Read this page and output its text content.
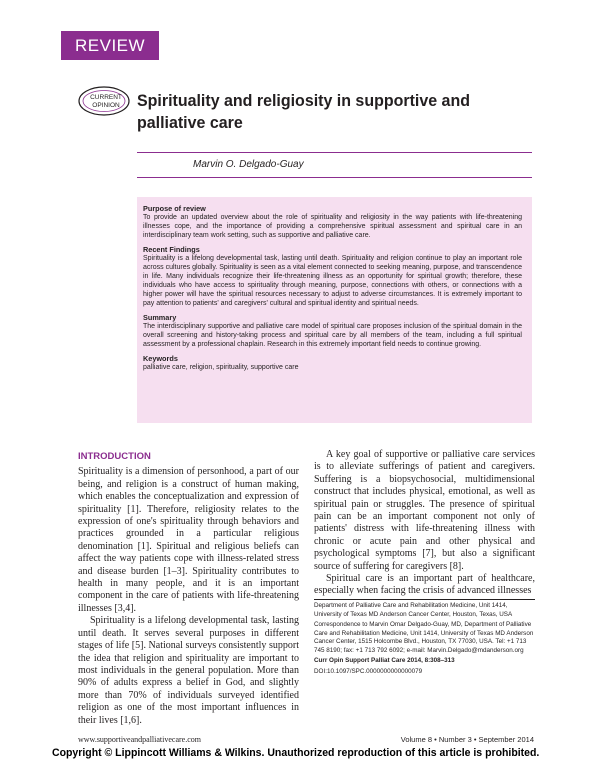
REVIEW
CURRENT
OPINION Spirituality and religiosity in supportive and palliative care
Marvin O. Delgado-Guay
Purpose of review

To provide an updated overview about the role of spirituality and religiosity in the way patients with life-threatening illnesses cope, and the importance of providing a comprehensive spiritual assessment and spiritual care in an interdisciplinary team work setting, such as supportive and palliative care.

Recent Findings

Spirituality is a lifelong developmental task, lasting until death. Spirituality and religion continue to play an important role across cultures globally. Spirituality is seen as a vital element connected to seeking meaning, purpose, and transcendence in life. Many individuals recognize their life-threatening illness as an opportunity for spiritual growth; therefore, these individuals who have access to spirituality through meaning, purpose, connections with others, or connections with a higher power will have the spiritual resources necessary to adjust to adverse circumstances. It is extremely important to pay attention to patients' and caregivers' cultural and spiritual identity and spiritual needs.

Summary

The interdisciplinary supportive and palliative care model of spiritual care proposes inclusion of the spiritual domain in the overall screening and history-taking process and spiritual care by all members of the team, including a full spiritual assessment by a professional chaplain. Research in this extremely important field needs to continue growing.

Keywords

palliative care, religion, spirituality, supportive care

INTRODUCTION

Spirituality is a dimension of personhood, a part of our being, and religion is a construct of human making, which enables the conceptualization and expression of spirituality [1]. Therefore, religiosity relates to the expression of one's spirituality through behaviors and practices grounded in a particular religious denomination [1]. Spiritual and religious beliefs can affect the way patients cope with illness-related stress and disease burden [1–3]. Spirituality contributes to health in many people, and it is an important component in the care of patients with life-threatening illnesses [3,4].

Spirituality is a lifelong developmental task, lasting until death. It serves several purposes in different stages of life [5]. National surveys consistently support the idea that religion and spirituality are important to most individuals in the general population. More than 90% of adults express a belief in God, and slightly more than 70% of individuals surveyed identified religion as one of the most important influences in their lives [1,6].

A key goal of supportive or palliative care services is to alleviate sufferings of patient and caregivers. Suffering is a biopsychosocial, multidimensional construct that includes physical, emotional, as well as spiritual pain or struggles. The presence of spiritual pain can be an important component not only of patients' distress with life-threatening illness with chronic or acute pain and other physical and psychological symptoms [7], but also a significant source of suffering for caregivers [8].

Spiritual care is an important part of healthcare, especially when facing the crisis of advanced illnesses

Department of Palliative Care and Rehabilitation Medicine, Unit 1414, University of Texas MD Anderson Cancer Center, Houston, Texas, USA

Correspondence to Marvin Omar Delgado-Guay, MD, Department of Palliative Care and Rehabilitation Medicine, Unit 1414, University of Texas MD Anderson Cancer Center, 1515 Holcombe Blvd., Houston, TX 77030, USA. Tel: +1 713 745 8190; fax: +1 713 792 6092; e-mail: Marvin.Delgado@mdanderson.org

Curr Opin Support Palliat Care 2014, 8:308–313

DOI:10.1097/SPC.0000000000000079

www.supportiveandpalliativecare.com	Volume 8 • Number 3 • September 2014
Copyright © Lippincott Williams & Wilkins. Unauthorized reproduction of this article is prohibited.
